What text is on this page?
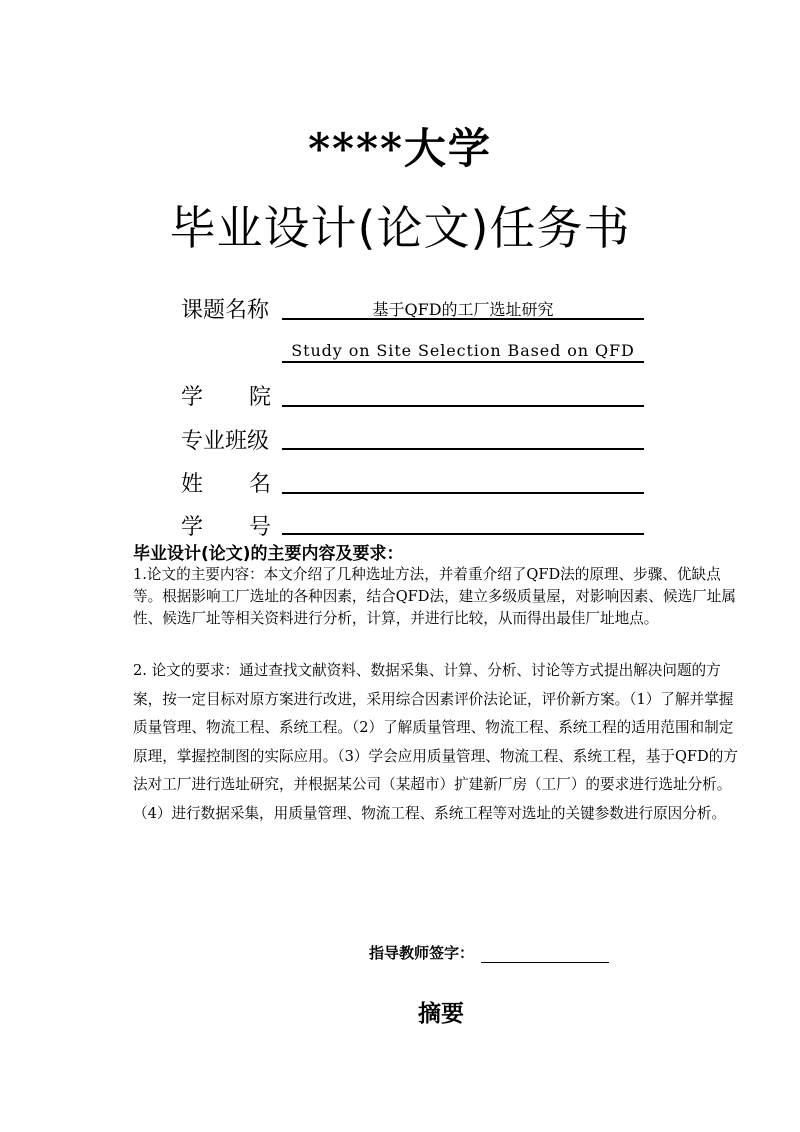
****大学
毕业设计(论文)任务书
课题名称	基于QFD的工厂选址研究
Study on Site Selection Based on QFD
学 院
专业班级
姓 名
学 号
毕业设计(论文)的主要内容及要求：
1.论文的主要内容：本文介绍了几种选址方法，并着重介绍了QFD法的原理、步骤、优缺点等。根据影响工厂选址的各种因素，结合QFD法，建立多级质量屋，对影响因素、候选厂址属性、候选厂址等相关资料进行分析，计算，并进行比较，从而得出最佳厂址地点。
2. 论文的要求：通过查找文献资料、数据采集、计算、分析、讨论等方式提出解决问题的方案，按一定目标对原方案进行改进，采用综合因素评价法论证，评价新方案。（1）了解并掌握质量管理、物流工程、系统工程。（2）了解质量管理、物流工程、系统工程的适用范围和制定原理，掌握控制图的实际应用。（3）学会应用质量管理、物流工程、系统工程，基于QFD的方法对工厂进行选址研究，并根据某公司（某超市）扩建新厂房（工厂）的要求进行选址分析。（4）进行数据采集，用质量管理、物流工程、系统工程等对选址的关键参数进行原因分析。
指导教师签字：
摘要
